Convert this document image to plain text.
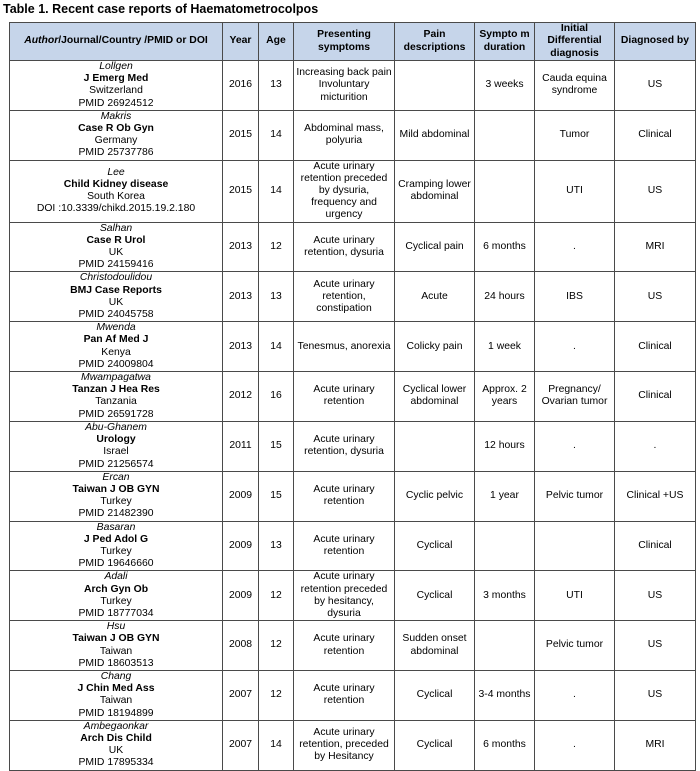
Table 1. Recent case reports of Haematometrocolpos
Author/Journal/Country /PMID or DOI	Year	Age	Presenting symptoms	Pain descriptions	Sympto m duration	Initial Differential diagnosis	Diagnosed by

Lollgen
J Emerg Med
Switzerland
PMID 26924512	2016	13	Increasing back pain Involuntary micturition		3 weeks	Cauda equina syndrome	US

Makris
Case R Ob Gyn
Germany
PMID 25737786	2015	14	Abdominal mass, polyuria	Mild abdominal		Tumor	Clinical

Lee
Child Kidney disease
South Korea
DOI :10.3339/chikd.2015.19.2.180	2015	14	Acute urinary retention preceded by dysuria, frequency and urgency	Cramping lower abdominal		UTI	US

Salhan
Case R Urol
UK
PMID 24159416	2013	12	Acute urinary retention, dysuria	Cyclical pain	6 months	.	MRI

Christodoulidou
BMJ Case Reports
UK
PMID 24045758	2013	13	Acute urinary retention, constipation	Acute	24 hours	IBS	US

Mwenda
Pan Af Med J
Kenya
PMID 24009804	2013	14	Tenesmus, anorexia	Colicky pain	1 week	.	Clinical

Mwampagatwa
Tanzan J Hea Res
Tanzania
PMID 26591728	2012	16	Acute urinary retention	Cyclical lower abdominal	Approx. 2 years	Pregnancy/ Ovarian tumor	Clinical

Abu-Ghanem
Urology
Israel
PMID 21256574	2011	15	Acute urinary retention, dysuria		12 hours	.	.

Ercan
Taiwan J OB GYN
Turkey
PMID 21482390	2009	15	Acute urinary retention	Cyclic pelvic	1 year	Pelvic tumor	Clinical +US

Basaran
J Ped Adol G
Turkey
PMID 19646660	2009	13	Acute urinary retention	Cyclical			Clinical

Adali
Arch Gyn Ob
Turkey
PMID 18777034	2009	12	Acute urinary retention preceded by hesitancy, dysuria	Cyclical	3 months	UTI	US

Hsu
Taiwan J OB GYN
Taiwan
PMID 18603513	2008	12	Acute urinary retention	Sudden onset abdominal		Pelvic tumor	US

Chang
J Chin Med Ass
Taiwan
PMID 18194899	2007	12	Acute urinary retention	Cyclical	3-4 months	.	US

Ambegaonkar
Arch Dis Child
UK
PMID 17895334	2007	14	Acute urinary retention, preceded by Hesitancy	Cyclical	6 months	.	MRI
